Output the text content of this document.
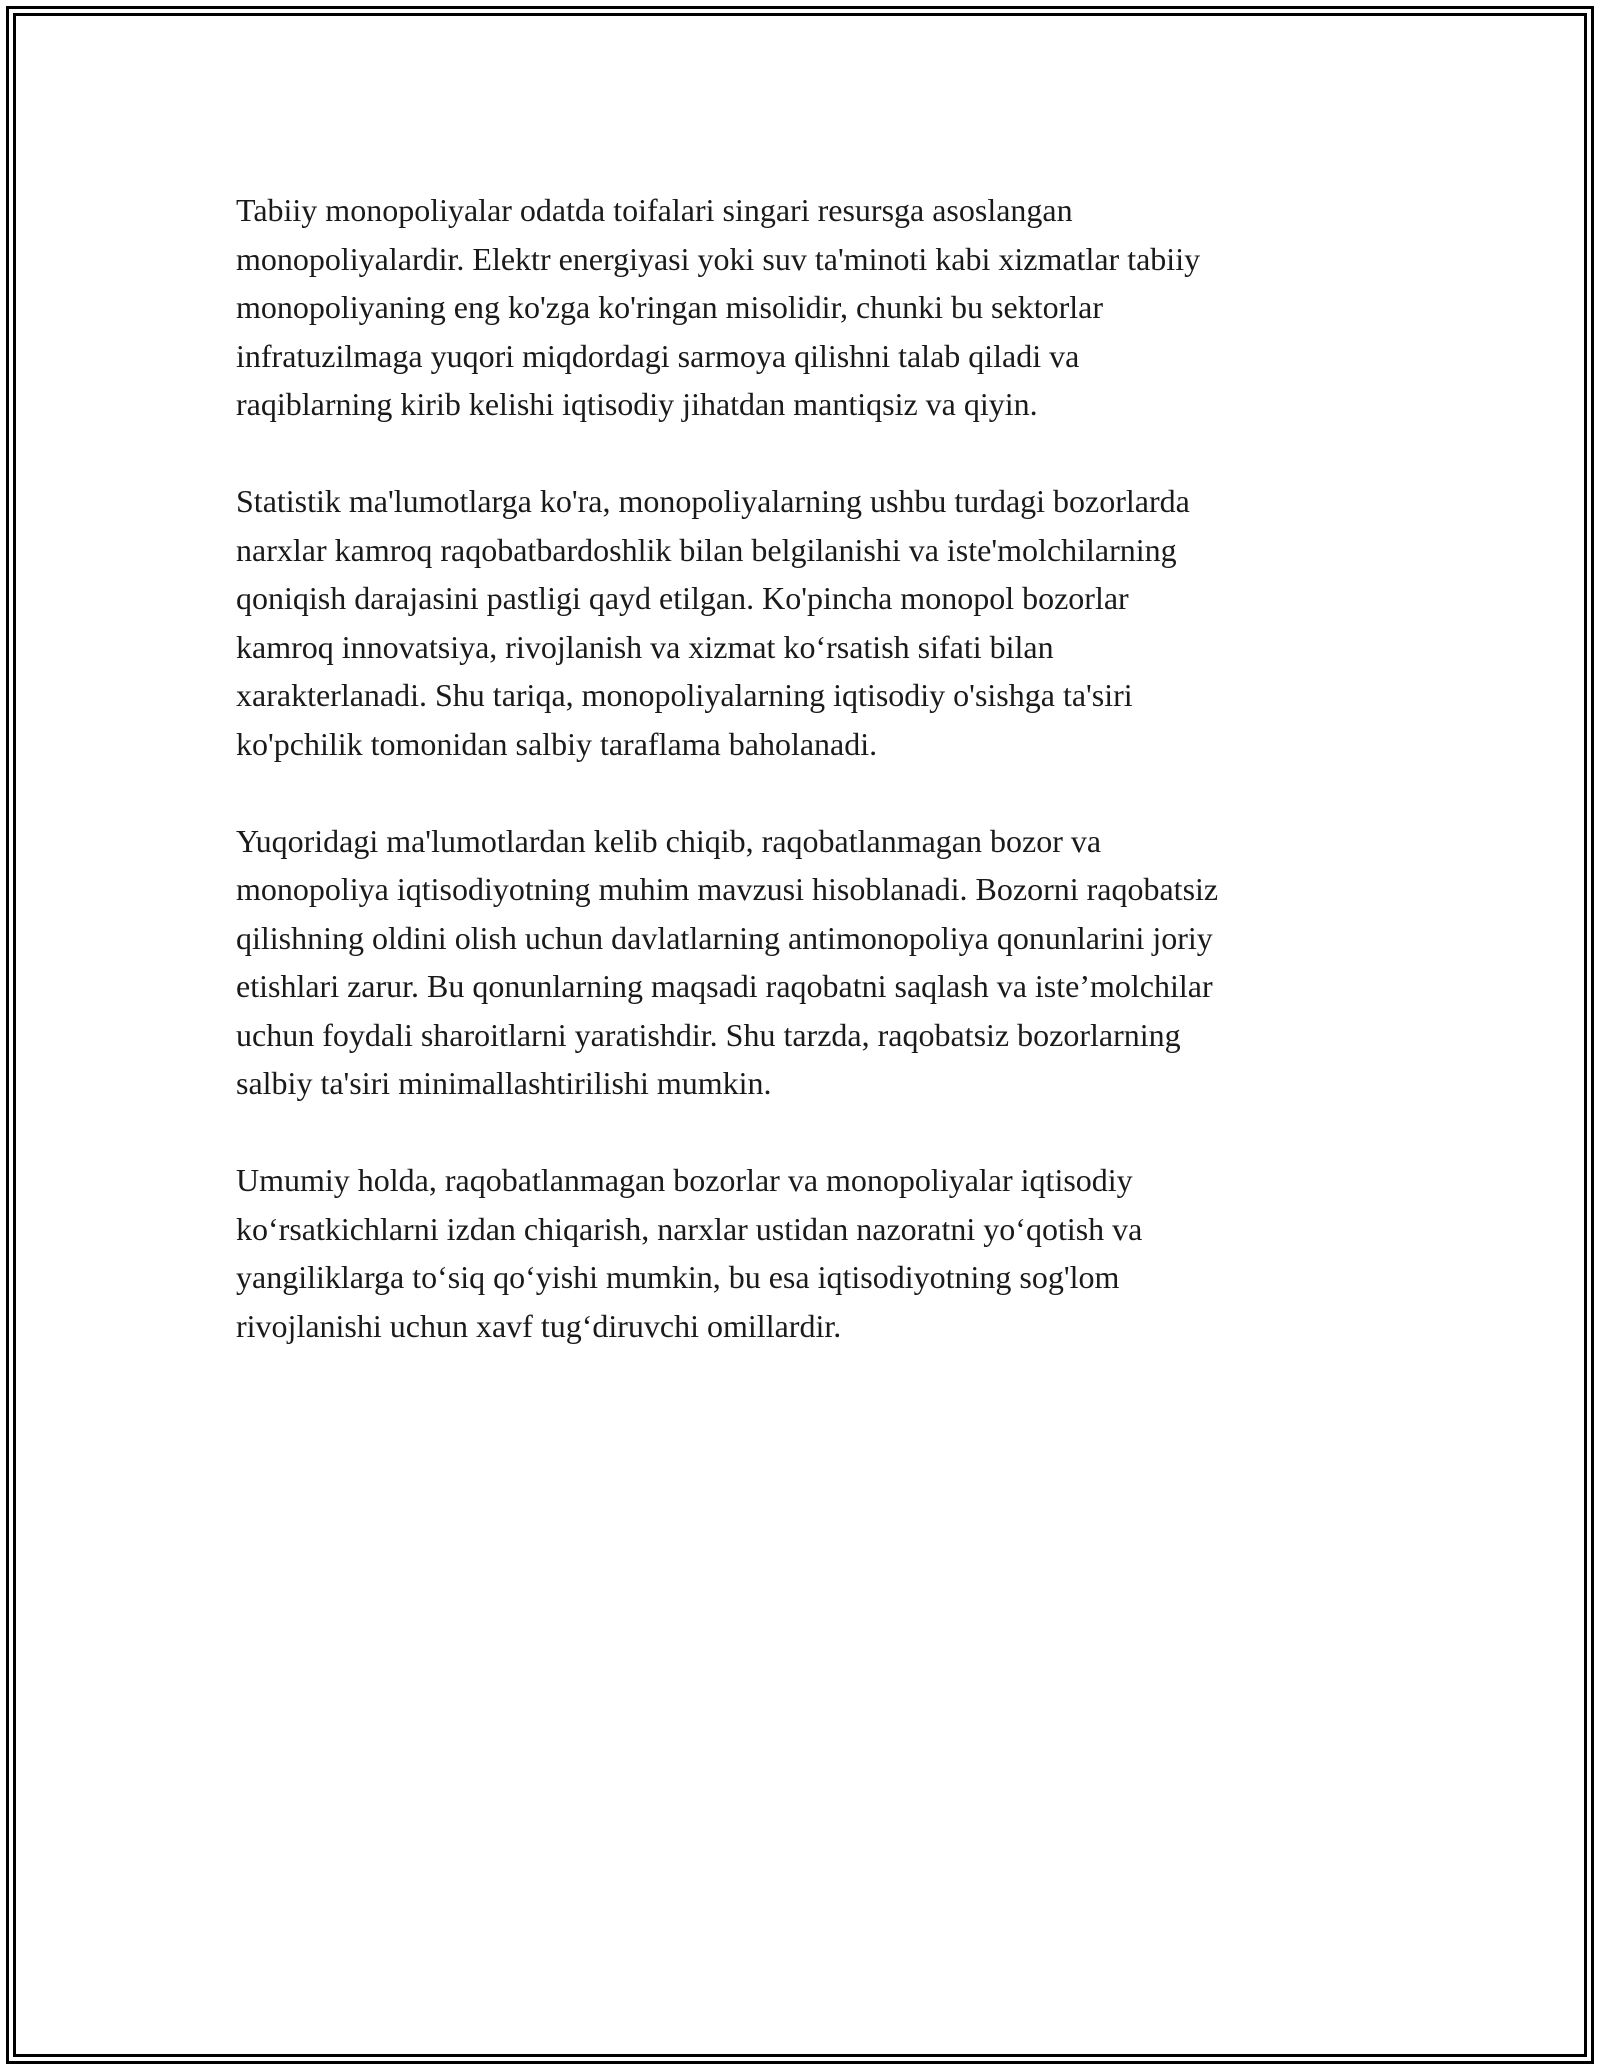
Tabiiy monopoliyalar odatda toifalari singari resursga asoslangan
monopoliyalardir. Elektr energiyasi yoki suv ta'minoti kabi xizmatlar tabiiy
monopoliyaning eng ko'zga ko'ringan misolidir, chunki bu sektorlar
infratuzilmaga yuqori miqdordagi sarmoya qilishni talab qiladi va
raqiblarning kirib kelishi iqtisodiy jihatdan mantiqsiz va qiyin.

Statistik ma'lumotlarga ko'ra, monopoliyalarning ushbu turdagi bozorlarda
narxlar kamroq raqobatbardoshlik bilan belgilanishi va iste'molchilarning
qoniqish darajasini pastligi qayd etilgan. Ko'pincha monopol bozorlar
kamroq innovatsiya, rivojlanish va xizmat ko‘rsatish sifati bilan
xarakterlanadi. Shu tariqa, monopoliyalarning iqtisodiy o'sishga ta'siri
ko'pchilik tomonidan salbiy taraflama baholanadi.

Yuqoridagi ma'lumotlardan kelib chiqib, raqobatlanmagan bozor va
monopoliya iqtisodiyotning muhim mavzusi hisoblanadi. Bozorni raqobatsiz
qilishning oldini olish uchun davlatlarning antimonopoliya qonunlarini joriy
etishlari zarur. Bu qonunlarning maqsadi raqobatni saqlash va iste’molchilar
uchun foydali sharoitlarni yaratishdir. Shu tarzda, raqobatsiz bozorlarning
salbiy ta'siri minimallashtirilishi mumkin.

Umumiy holda, raqobatlanmagan bozorlar va monopoliyalar iqtisodiy
ko‘rsatkichlarni izdan chiqarish, narxlar ustidan nazoratni yo‘qotish va
yangiliklarga to‘siq qo‘yishi mumkin, bu esa iqtisodiyotning sog'lom
rivojlanishi uchun xavf tug‘diruvchi omillardir.
